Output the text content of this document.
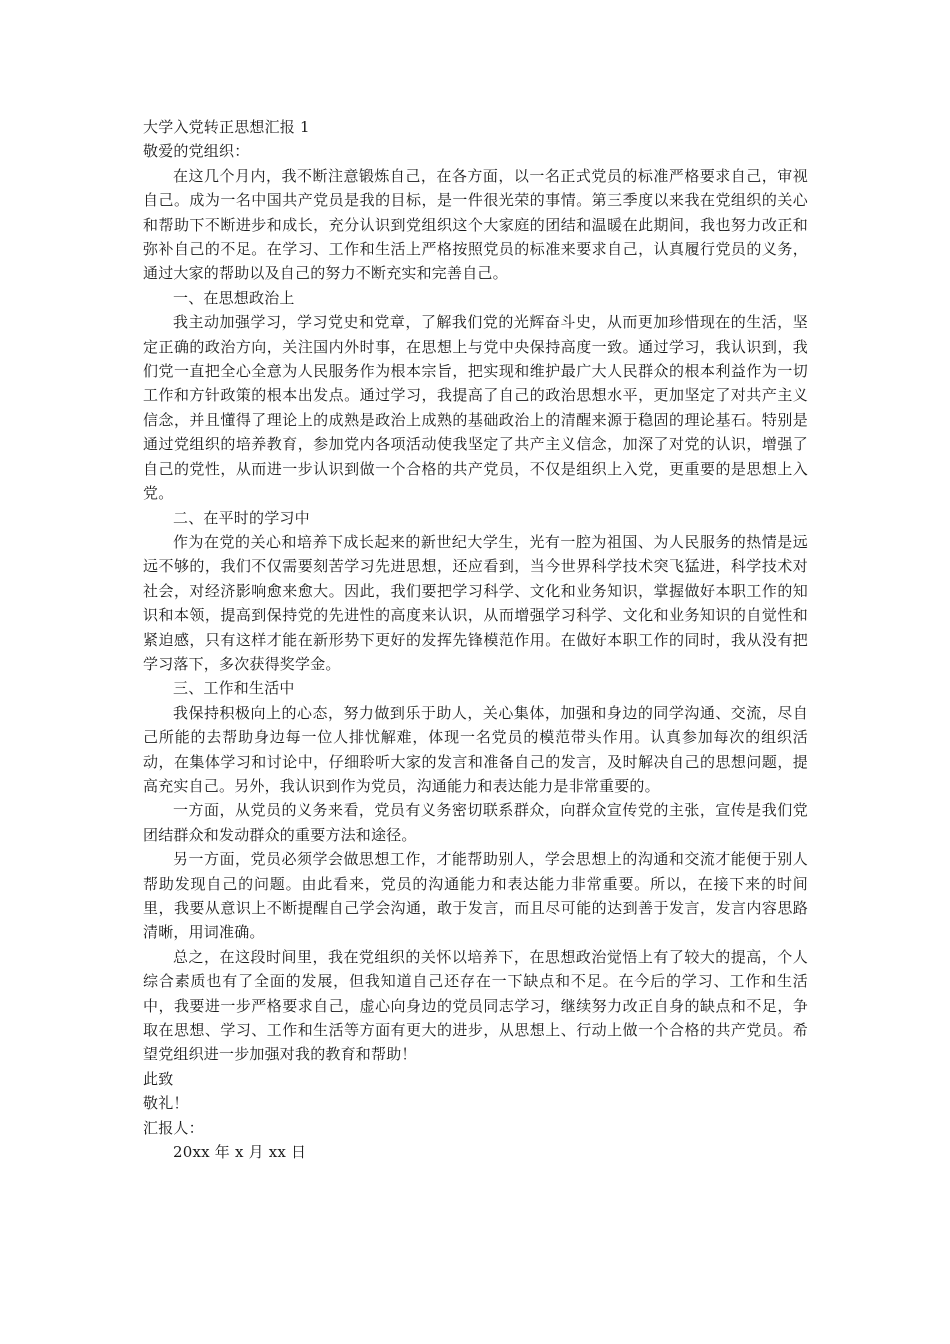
大学入党转正思想汇报 1

敬爱的党组织：

在这几个月内，我不断注意锻炼自己，在各方面，以一名正式党员的标准严格要求自己，审视自己。成为一名中国共产党员是我的目标，是一件很光荣的事情。第三季度以来我在党组织的关心和帮助下不断进步和成长，充分认识到党组织这个大家庭的团结和温暖在此期间，我也努力改正和弥补自己的不足。在学习、工作和生活上严格按照党员的标准来要求自己，认真履行党员的义务，通过大家的帮助以及自己的努力不断充实和完善自己。

一、在思想政治上

我主动加强学习，学习党史和党章，了解我们党的光辉奋斗史，从而更加珍惜现在的生活，坚定正确的政治方向，关注国内外时事，在思想上与党中央保持高度一致。通过学习，我认识到，我们党一直把全心全意为人民服务作为根本宗旨，把实现和维护最广大人民群众的根本利益作为一切工作和方针政策的根本出发点。通过学习，我提高了自己的政治思想水平，更加坚定了对共产主义信念，并且懂得了理论上的成熟是政治上成熟的基础政治上的清醒来源于稳固的理论基石。特别是通过党组织的培养教育，参加党内各项活动使我坚定了共产主义信念，加深了对党的认识，增强了自己的党性，从而进一步认识到做一个合格的共产党员，不仅是组织上入党，更重要的是思想上入党。

二、在平时的学习中

作为在党的关心和培养下成长起来的新世纪大学生，光有一腔为祖国、为人民服务的热情是远远不够的，我们不仅需要刻苦学习先进思想，还应看到，当今世界科学技术突飞猛进，科学技术对社会，对经济影响愈来愈大。因此，我们要把学习科学、文化和业务知识，掌握做好本职工作的知识和本领，提高到保持党的先进性的高度来认识，从而增强学习科学、文化和业务知识的自觉性和紧迫感，只有这样才能在新形势下更好的发挥先锋模范作用。在做好本职工作的同时，我从没有把学习落下，多次获得奖学金。

三、工作和生活中

我保持积极向上的心态，努力做到乐于助人，关心集体，加强和身边的同学沟通、交流，尽自己所能的去帮助身边每一位人排忧解难，体现一名党员的模范带头作用。认真参加每次的组织活动，在集体学习和讨论中，仔细聆听大家的发言和准备自己的发言，及时解决自己的思想问题，提高充实自己。另外，我认识到作为党员，沟通能力和表达能力是非常重要的。

一方面，从党员的义务来看，党员有义务密切联系群众，向群众宣传党的主张，宣传是我们党团结群众和发动群众的重要方法和途径。

另一方面，党员必须学会做思想工作，才能帮助别人，学会思想上的沟通和交流才能便于别人帮助发现自己的问题。由此看来，党员的沟通能力和表达能力非常重要。所以，在接下来的时间里，我要从意识上不断提醒自己学会沟通，敢于发言，而且尽可能的达到善于发言，发言内容思路清晰，用词准确。

总之，在这段时间里，我在党组织的关怀以培养下，在思想政治觉悟上有了较大的提高，个人综合素质也有了全面的发展，但我知道自己还存在一下缺点和不足。在今后的学习、工作和生活中，我要进一步严格要求自己，虚心向身边的党员同志学习，继续努力改正自身的缺点和不足，争取在思想、学习、工作和生活等方面有更大的进步，从思想上、行动上做一个合格的共产党员。希望党组织进一步加强对我的教育和帮助！

此致

敬礼！

汇报人：

20xx 年 x 月 xx 日
